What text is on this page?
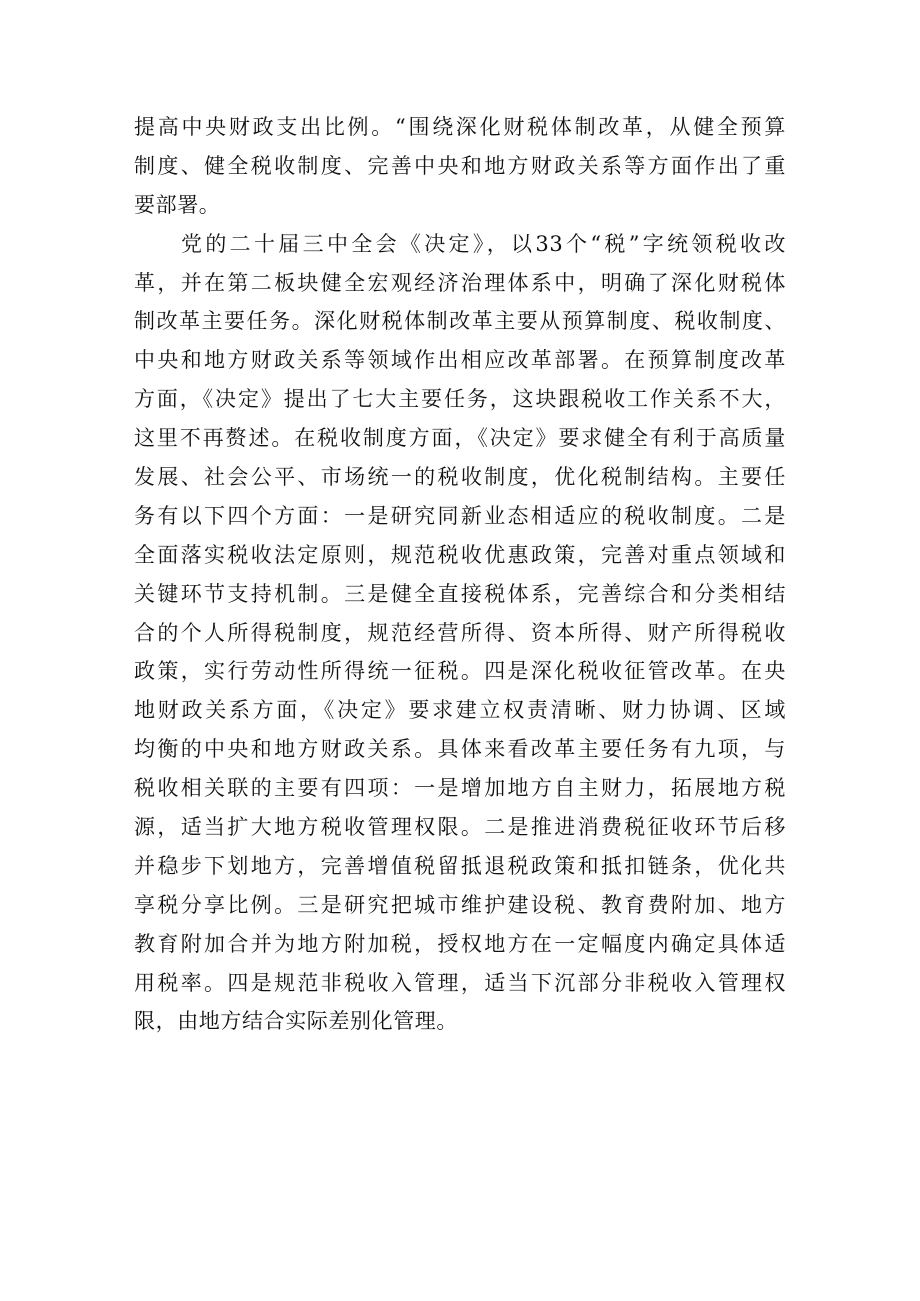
提高中央财政支出比例。“围绕深化财税体制改革，从健全预算
制度、健全税收制度、完善中央和地方财政关系等方面作出了重
要部署。
党的二十届三中全会《决定》，以33个“税”字统领税收改
革，并在第二板块健全宏观经济治理体系中，明确了深化财税体
制改革主要任务。深化财税体制改革主要从预算制度、税收制度、
中央和地方财政关系等领域作出相应改革部署。在预算制度改革
方面，《决定》提出了七大主要任务，这块跟税收工作关系不大，
这里不再赘述。在税收制度方面，《决定》要求健全有利于高质量
发展、社会公平、市场统一的税收制度，优化税制结构。主要任
务有以下四个方面：一是研究同新业态相适应的税收制度。二是
全面落实税收法定原则，规范税收优惠政策，完善对重点领域和
关键环节支持机制。三是健全直接税体系，完善综合和分类相结
合的个人所得税制度，规范经营所得、资本所得、财产所得税收
政策，实行劳动性所得统一征税。四是深化税收征管改革。在央
地财政关系方面，《决定》要求建立权责清晰、财力协调、区域
均衡的中央和地方财政关系。具体来看改革主要任务有九项，与
税收相关联的主要有四项：一是增加地方自主财力，拓展地方税
源，适当扩大地方税收管理权限。二是推进消费税征收环节后移
并稳步下划地方，完善增值税留抵退税政策和抵扣链条，优化共
享税分享比例。三是研究把城市维护建设税、教育费附加、地方
教育附加合并为地方附加税，授权地方在一定幅度内确定具体适
用税率。四是规范非税收入管理，适当下沉部分非税收入管理权
限，由地方结合实际差别化管理。
